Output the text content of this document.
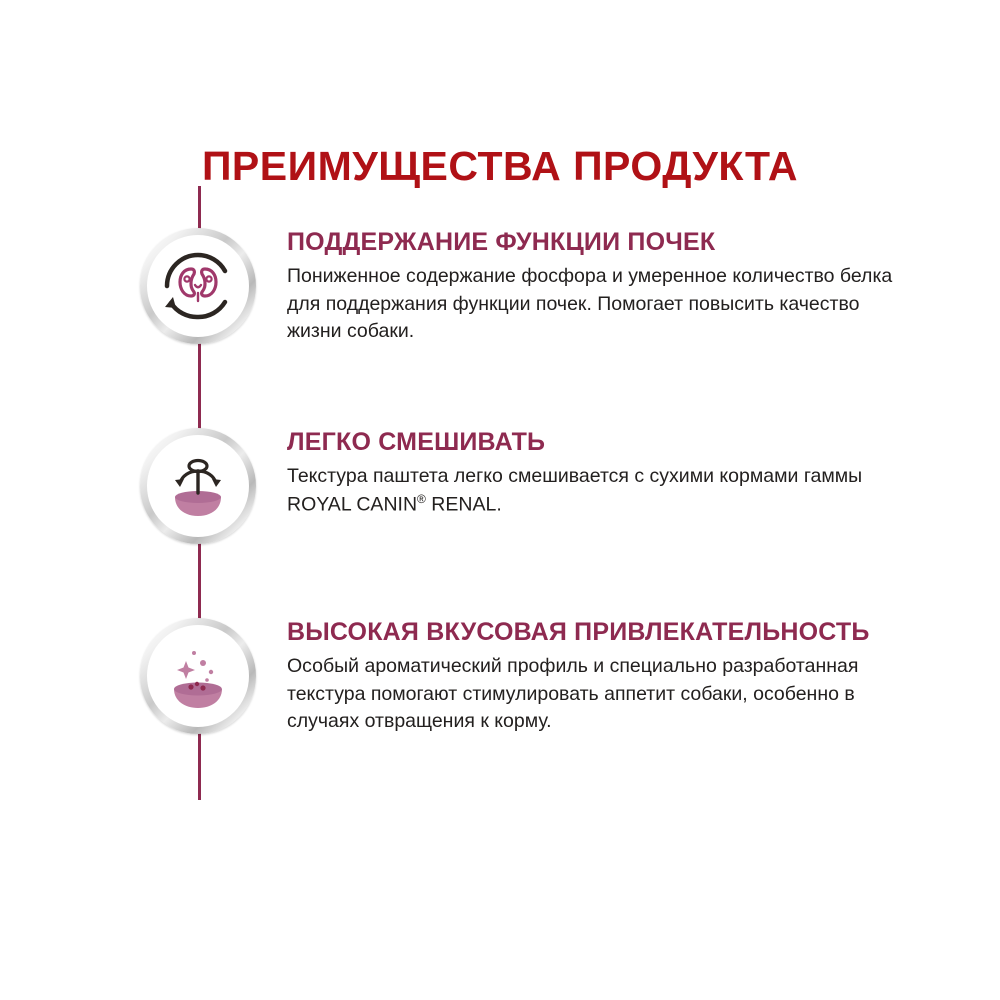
ПРЕИМУЩЕСТВА ПРОДУКТА
ПОДДЕРЖАНИЕ ФУНКЦИИ ПОЧЕК

Пониженное содержание фосфора и умеренное количество белка для поддержания функции почек. Помогает повысить качество жизни собаки.

ЛЕГКО СМЕШИВАТЬ

Текстура паштета легко смешивается с сухими кормами гаммы ROYAL CANIN® RENAL.

ВЫСОКАЯ ВКУСОВАЯ ПРИВЛЕКАТЕЛЬНОСТЬ

Особый ароматический профиль и специально разработанная текстура помогают стимулировать аппетит собаки, особенно в случаях отвращения к корму.
